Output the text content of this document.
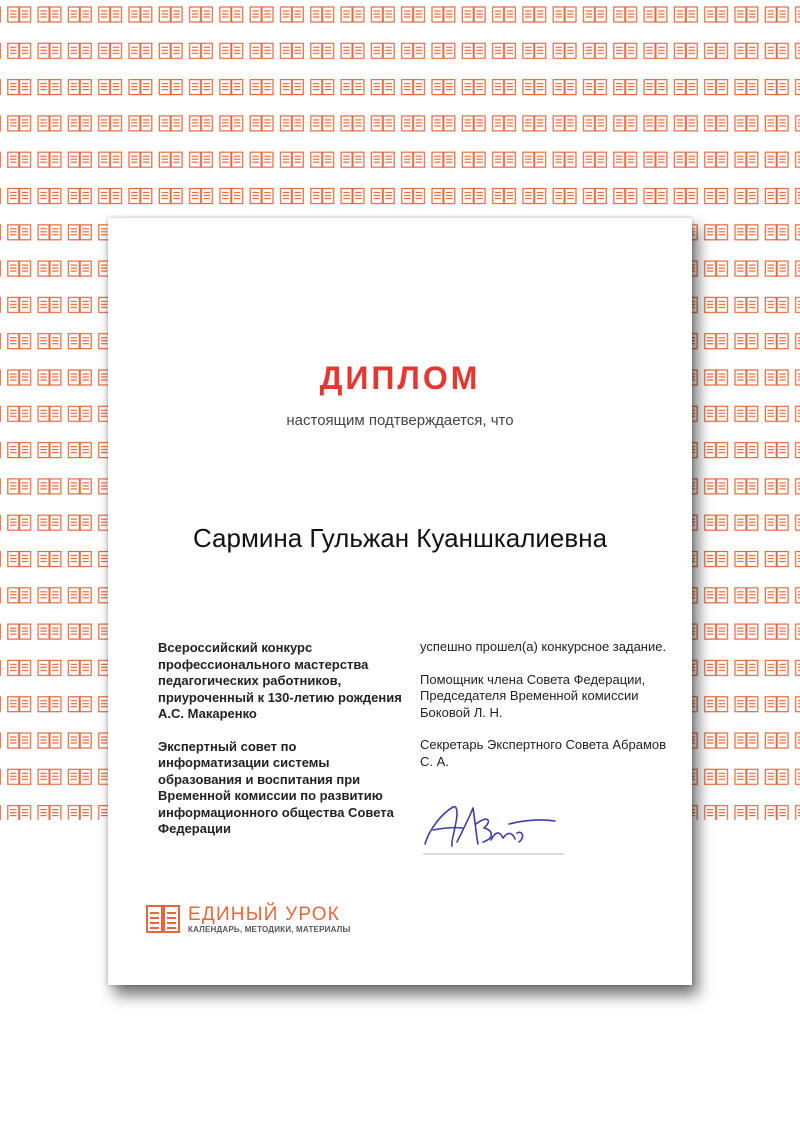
ДИПЛОМ
настоящим подтверждается, что
Сармина Гульжан Куаншкалиевна

Всероссийский конкурс профессионального мастерства педагогических работников, приуроченный к 130-летию рождения А.С. Макаренко

Экспертный совет по информатизации системы образования и воспитания при Временной комиссии по развитию информационного общества Совета Федерации

успешно прошел(а) конкурсное задание.

Помощник члена Совета Федерации, Председателя Временной комиссии Боковой Л. Н.

Секретарь Экспертного Совета Абрамов С. А.

ЕДИНЫЙ УРОК
КАЛЕНДАРЬ, МЕТОДИКИ, МАТЕРИАЛЫ
